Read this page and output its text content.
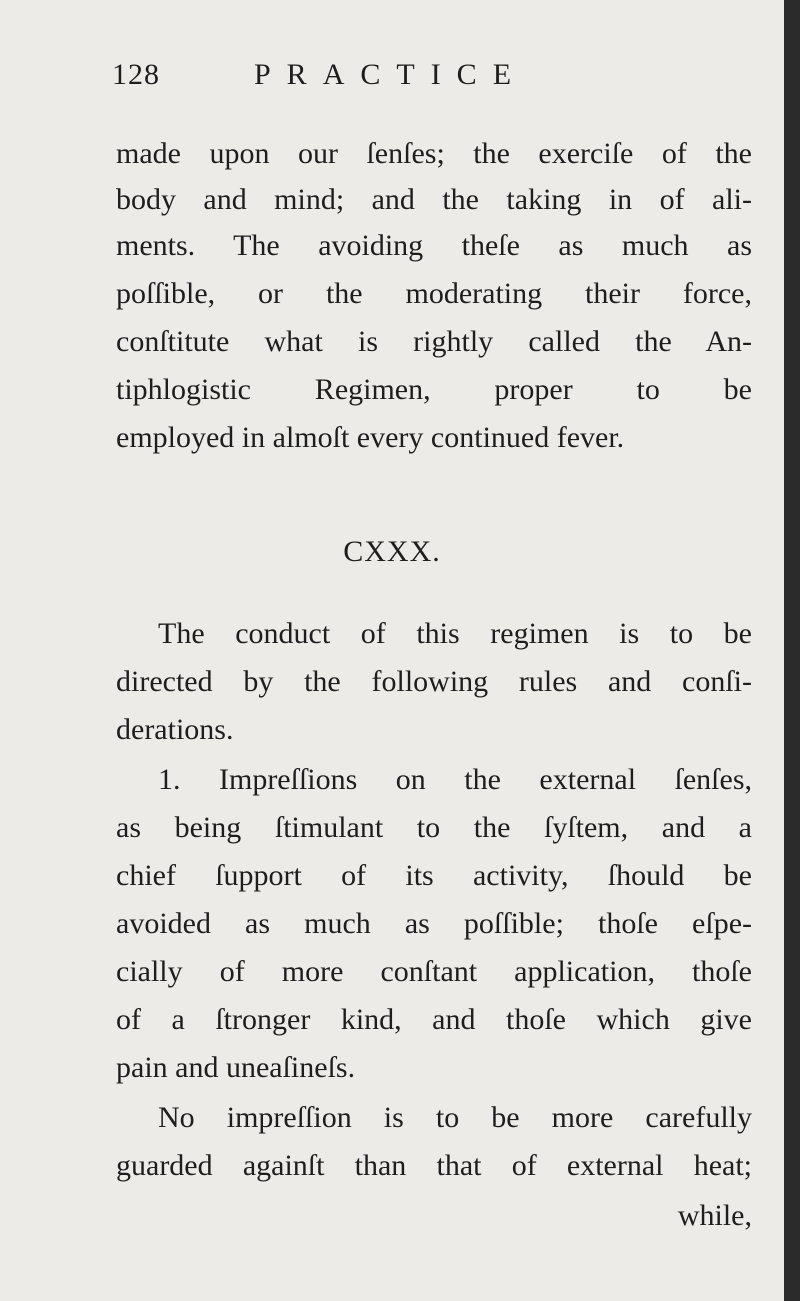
128	PRACTICE
made upon our ſenſes; the exerciſe of the
body and mind; and the taking in of ali-
ments. The avoiding theſe as much as
poſſible, or the moderating their force,
conſtitute what is rightly called the An-
tiphlogistic Regimen, proper to be
employed in almoſt every continued fever.
CXXX.
The conduct of this regimen is to be
directed by the following rules and conſi-
derations.
1. Impreſſions on the external ſenſes,
as being ſtimulant to the ſyſtem, and a
chief ſupport of its activity, ſhould be
avoided as much as poſſible; thoſe eſpe-
cially of more conſtant application, thoſe
of a ſtronger kind, and thoſe which give
pain and uneaſineſs.
No impreſſion is to be more carefully
guarded againſt than that of external heat;
while,
